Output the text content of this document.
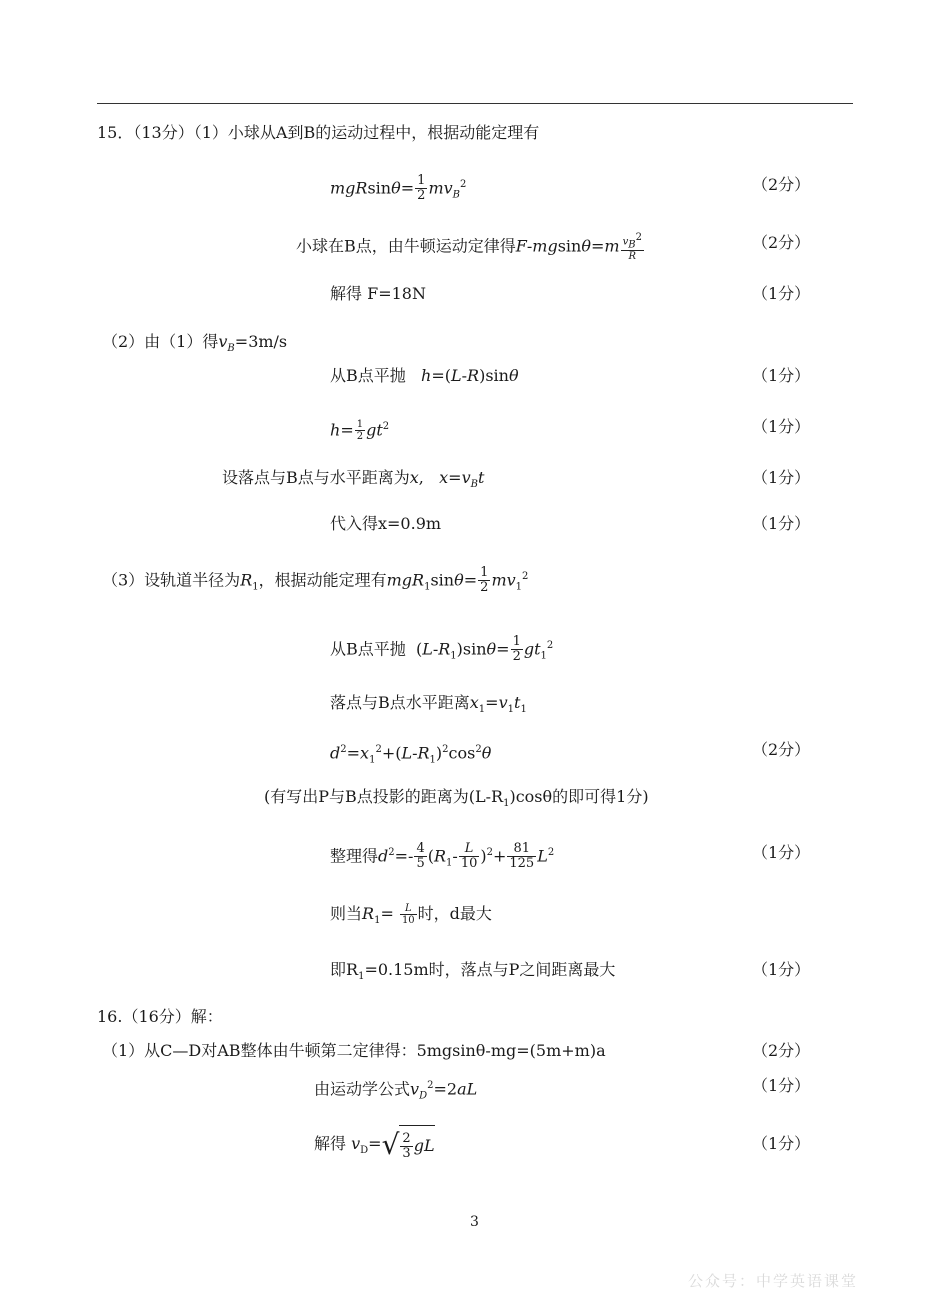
15．（13分）（1）小球从A到B的运动过程中，根据动能定理有
$mgRsin\theta= \frac{1}{2} mv_B^2$	（2分）
小球在B点，由牛顿运动定律得$F-mgsin\theta=m \frac{v_B^2}{R}$	（2分）
解得 F=18N	（1分）
（2）由（1）得$v_B=3m/s$
从B点平抛 h=(L-R)sinθ	（1分）
$h= \frac{1}{2} gt^2$	（1分）
设落点与B点与水平距离为x,   $x=v_Bt$	（1分）
代入得x=0.9m	（1分）
（3）设轨道半径为$R_1$，根据动能定理有$mgR_1\sin\theta= \frac{1}{2} mv_1^2$
从B点平抛  $(L-R_1)\sin\theta= \frac{1}{2} gt_1^2$
落点与B点水平距离$x_1=v_1t_1$
$d^2=x_1^2+(L-R_1)^2\cos^2\theta$	（2分）
(有写出P与B点投影的距离为$(L-R_1)\cos\theta$的即可得1分)
整理得$d^2=- \frac{4}{5} (R_1- \frac{L}{10} )^2+ \frac{81}{125} L^2$	（1分）
则当$R_1= \frac{L}{10}$ 时，d最大
即$R_1=0.15m$时，落点与P之间距离最大	（1分）
16.（16分）解：
（1）从C—D对AB整体由牛顿第二定律得：5mgsinθ-mg=(5m+m)a	（2分）
由运动学公式$v_D^2=2aL$	（1分）
解得 $v_D=√ \frac{2}{3}$ gL	（1分）
3
公众号：中学英语课堂
